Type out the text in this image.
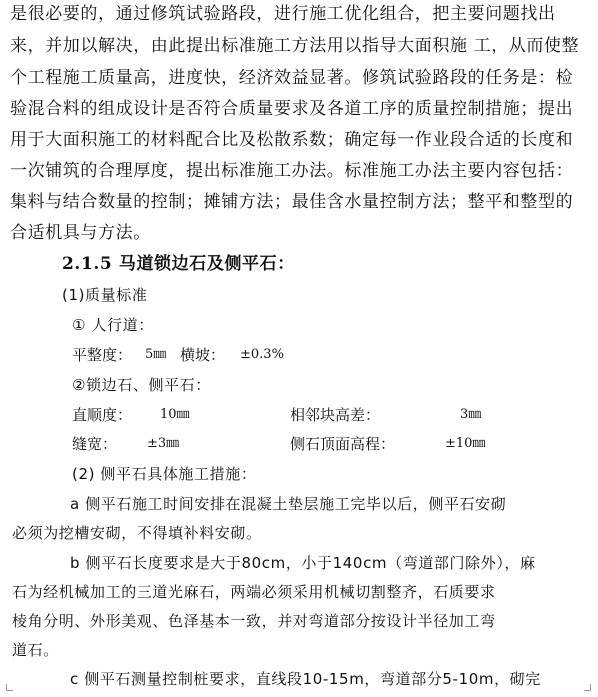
是很必要的，通过修筑试验路段，进行施工优化组合，把主要问题找出
来，并加以解决，由此提出标准施工方法用以指导大面积施 工，从而使整
个工程施工质量高，进度快，经济效益显著。修筑试验路段的任务是：检
验混合料的组成设计是否符合质量要求及各道工序的质量控制措施；提出
用于大面积施工的材料配合比及松散系数；确定每一作业段合适的长度和
一次铺筑的合理厚度，提出标准施工办法。标准施工办法主要内容包括：
集料与结合数量的控制；摊铺方法；最佳含水量控制方法；整平和整型的
合适机具与方法。
2.1.5 马道锁边石及侧平石：
(1)质量标准
① 人行道：
平整度： 5㎜ 横坡： ±0.3%
②锁边石、侧平石：
直顺度： 10㎜	相邻块高差：	3㎜
缝宽： ±3㎜	侧石顶面高程：	±10㎜
(2) 侧平石具体施工措施：
a 侧平石施工时间安排在混凝土垫层施工完毕以后，侧平石安砌
必须为挖槽安砌，不得填补料安砌。
b 侧平石长度要求是大于80cm，小于140cm（弯道部门除外），麻
石为经机械加工的三道光麻石，两端必须采用机械切割整齐，石质要求
棱角分明、外形美观、色泽基本一致，并对弯道部分按设计半径加工弯
道石。
c 侧平石测量控制桩要求，直线段10-15m，弯道部分5-10m，砌完
